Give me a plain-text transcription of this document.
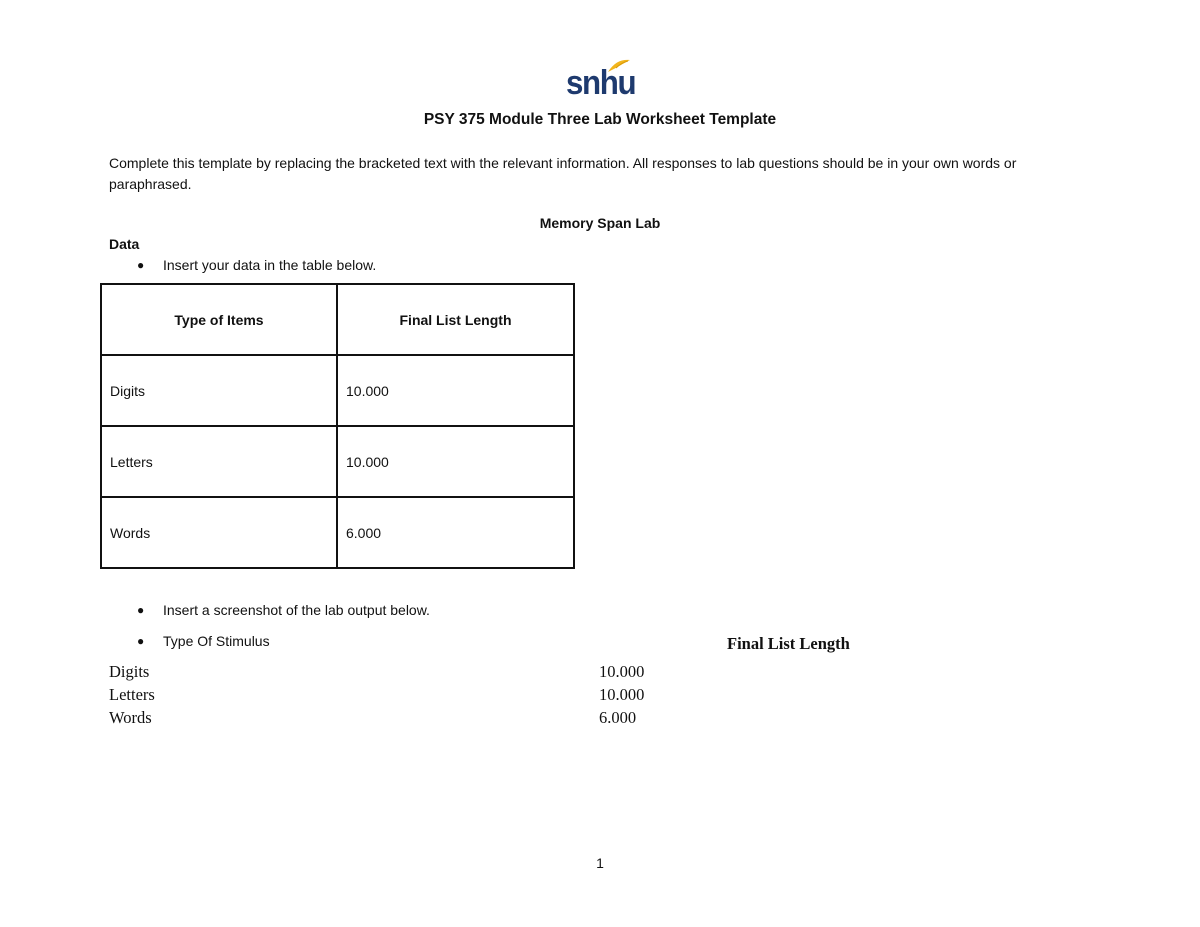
snhu
PSY 375 Module Three Lab Worksheet Template
Complete this template by replacing the bracketed text with the relevant information. All responses to lab questions should be in your own words or paraphrased.
Memory Span Lab
Data
● Insert your data in the table below.
Type of Items	Final List Length
Digits	10.000
Letters	10.000
Words	6.000
● Insert a screenshot of the lab output below.
● Type Of Stimulus	Final List Length
Digits	10.000
Letters	10.000
Words	6.000
1
